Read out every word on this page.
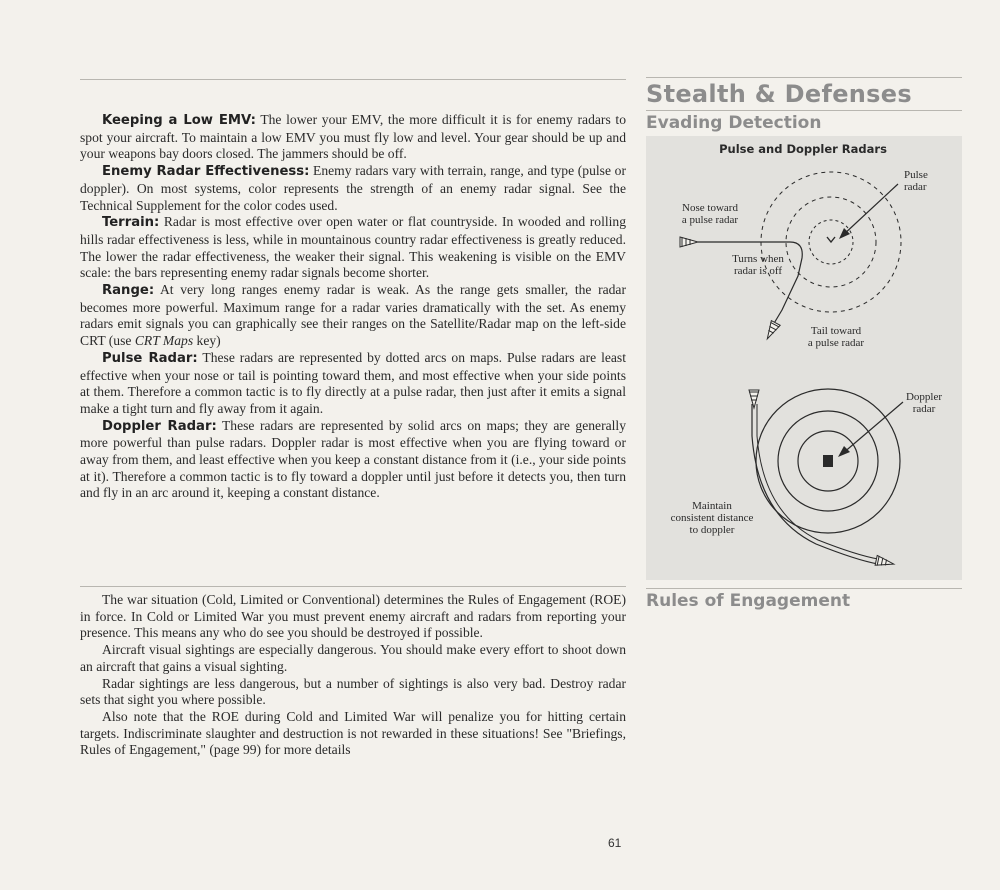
Keeping a Low EMV: The lower your EMV, the more difficult it is for enemy radars to spot your aircraft. To maintain a low EMV you must fly low and level. Your gear should be up and your weapons bay doors closed. The jammers should be off.

Enemy Radar Effectiveness: Enemy radars vary with terrain, range, and type (pulse or doppler). On most systems, color represents the strength of an enemy radar signal. See the Technical Supplement for the color codes used.

Terrain: Radar is most effective over open water or flat countryside. In wooded and rolling hills radar effectiveness is less, while in mountainous country radar effectiveness is greatly reduced. The lower the radar effectiveness, the weaker their signal. This weakening is visible on the EMV scale: the bars representing enemy radar signals become shorter.

Range: At very long ranges enemy radar is weak. As the range gets smaller, the radar becomes more powerful. Maximum range for a radar varies dramatically with the set. As enemy radars emit signals you can graphically see their ranges on the Satellite/Radar map on the left-side CRT (use CRT Maps key)

Pulse Radar: These radars are represented by dotted arcs on maps. Pulse radars are least effective when your nose or tail is pointing toward them, and most effective when your side points at them. Therefore a common tactic is to fly directly at a pulse radar, then just after it emits a signal make a tight turn and fly away from it again.

Doppler Radar: These radars are represented by solid arcs on maps; they are generally more powerful than pulse radars. Doppler radar is most effective when you are flying toward or away from them, and least effective when you keep a constant distance from it (i.e., your side points at it). Therefore a common tactic is to fly toward a doppler until just before it detects you, then turn and fly in an arc around it, keeping a constant distance.

The war situation (Cold, Limited or Conventional) determines the Rules of Engagement (ROE) in force. In Cold or Limited War you must prevent enemy aircraft and radars from reporting your presence. This means any who do see you should be destroyed if possible.

Aircraft visual sightings are especially dangerous. You should make every effort to shoot down an aircraft that gains a visual sighting.

Radar sightings are less dangerous, but a number of sightings is also very bad. Destroy radar sets that sight you where possible.

Also note that the ROE during Cold and Limited War will penalize you for hitting certain targets. Indiscriminate slaughter and destruction is not rewarded in these situations! See "Briefings, Rules of Engagement," (page 99) for more details

Stealth & Defenses
Evading Detection
Rules of Engagement
Pulse and Doppler Radars
Pulse
radar
Nose toward
a pulse radar
Turns when
radar is off
Tail toward
a pulse radar
Doppler
radar
Maintain
consistent distance
to doppler
61
